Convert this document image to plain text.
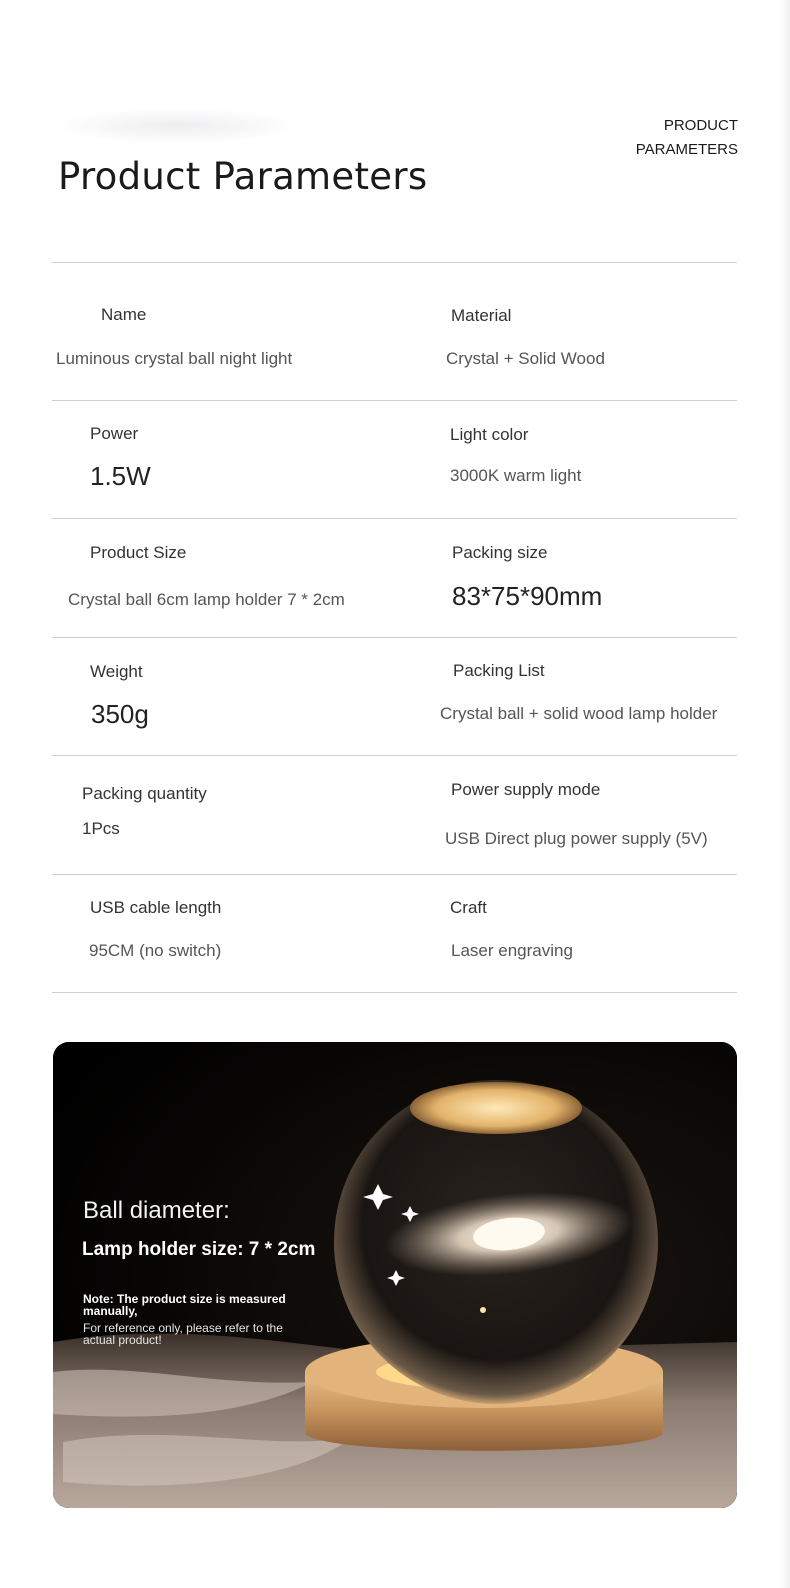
Product Parameters
PRODUCT
PARAMETERS
Name
Luminous crystal ball night light
Material
Crystal + Solid Wood
Power
1.5W
Light color
3000K warm light
Product Size
Crystal ball 6cm lamp holder 7 * 2cm
Packing size
83*75*90mm
Weight
350g
Packing List
Crystal ball + solid wood lamp holder
Packing quantity
1Pcs
Power supply mode
USB Direct plug power supply (5V)
USB cable length
95CM (no switch)
Craft
Laser engraving
Ball diameter:
Lamp holder size: 7 * 2cm
Note: The product size is measured manually,
For reference only, please refer to the actual product!
